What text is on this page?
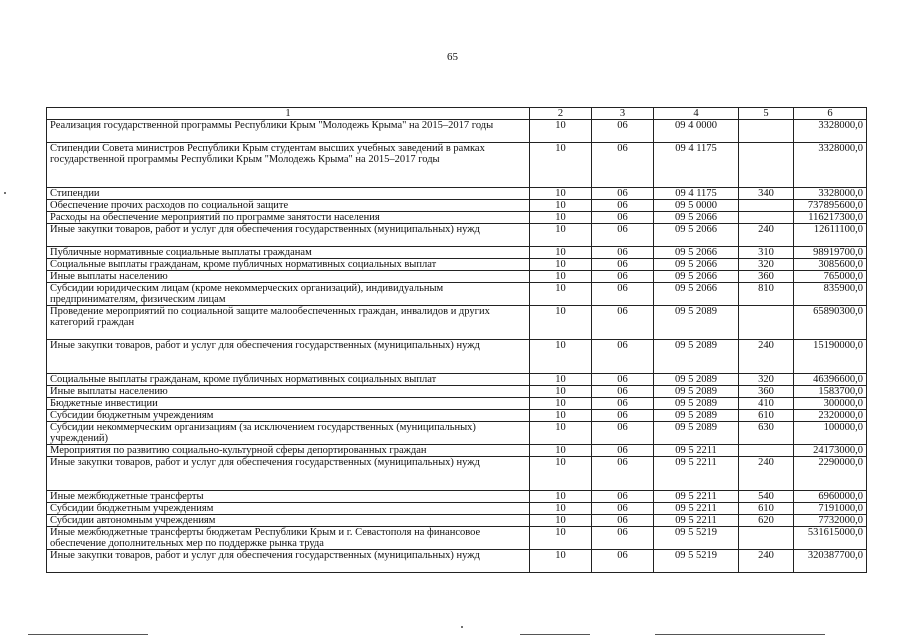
65
1	2	3	4	5	6
Реализация государственной программы Республики Крым "Молодежь Крыма" на 2015–2017 годы	10	06	09 4 0000		3328000,0
Стипендии Совета министров Республики Крым студентам высших учебных заведений в рамках государственной программы Республики Крым "Молодежь Крыма" на 2015–2017 годы	10	06	09 4 1175		3328000,0
Стипендии	10	06	09 4 1175	340	3328000,0
Обеспечение прочих расходов по социальной защите	10	06	09 5 0000		737895600,0
Расходы на обеспечение мероприятий по программе занятости населения	10	06	09 5 2066		116217300,0
Иные закупки товаров, работ и услуг для обеспечения государственных (муниципальных) нужд	10	06	09 5 2066	240	12611100,0
Публичные нормативные социальные выплаты гражданам	10	06	09 5 2066	310	98919700,0
Социальные выплаты гражданам, кроме публичных нормативных социальных выплат	10	06	09 5 2066	320	3085600,0
Иные выплаты населению	10	06	09 5 2066	360	765000,0
Субсидии юридическим лицам (кроме некоммерческих организаций), индивидуальным предпринимателям, физическим лицам	10	06	09 5 2066	810	835900,0
Проведение мероприятий по социальной защите малообеспеченных граждан, инвалидов и других категорий граждан	10	06	09 5 2089		65890300,0
Иные закупки товаров, работ и услуг для обеспечения государственных (муниципальных) нужд	10	06	09 5 2089	240	15190000,0
Социальные выплаты гражданам, кроме публичных нормативных социальных выплат	10	06	09 5 2089	320	46396600,0
Иные выплаты населению	10	06	09 5 2089	360	1583700,0
Бюджетные инвестиции	10	06	09 5 2089	410	300000,0
Субсидии бюджетным учреждениям	10	06	09 5 2089	610	2320000,0
Субсидии некоммерческим организациям (за исключением государственных (муниципальных) учреждений)	10	06	09 5 2089	630	100000,0
Мероприятия по развитию социально-культурной сферы депортированных граждан	10	06	09 5 2211		24173000,0
Иные закупки товаров, работ и услуг для обеспечения государственных (муниципальных) нужд	10	06	09 5 2211	240	2290000,0
Иные межбюджетные трансферты	10	06	09 5 2211	540	6960000,0
Субсидии бюджетным учреждениям	10	06	09 5 2211	610	7191000,0
Субсидии автономным учреждениям	10	06	09 5 2211	620	7732000,0
Иные межбюджетные трансферты бюджетам Республики Крым и г. Севастополя на финансовое обеспечение дополнительных мер по поддержке рынка труда	10	06	09 5 5219		531615000,0
Иные закупки товаров, работ и услуг для обеспечения государственных (муниципальных) нужд	10	06	09 5 5219	240	320387700,0
